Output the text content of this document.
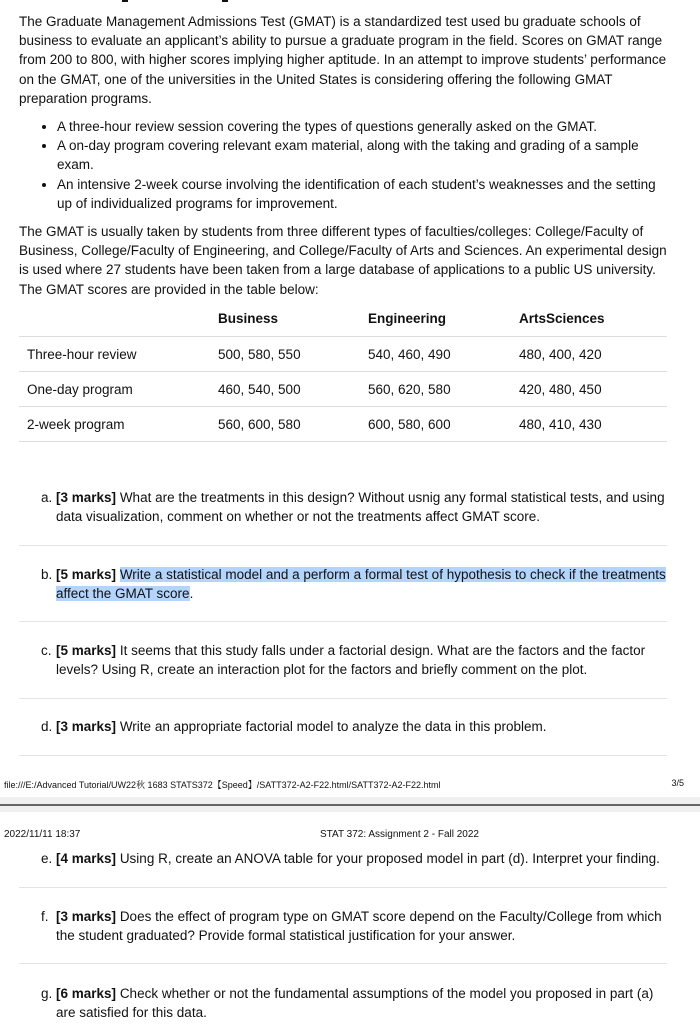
The Graduate Management Admissions Test (GMAT) is a standardized test used bu graduate schools of business to evaluate an applicant’s ability to pursue a graduate program in the field. Scores on GMAT range from 200 to 800, with higher scores implying higher aptitude. In an attempt to improve students’ performance on the GMAT, one of the universities in the United States is considering offering the following GMAT preparation programs.

• A three-hour review session covering the types of questions generally asked on the GMAT.
• A on-day program covering relevant exam material, along with the taking and grading of a sample exam.
• An intensive 2-week course involving the identification of each student’s weaknesses and the setting up of individualized programs for improvement.

The GMAT is usually taken by students from three different types of faculties/colleges: College/Faculty of Business, College/Faculty of Engineering, and College/Faculty of Arts and Sciences. An experimental design is used where 27 students have been taken from a large database of applications to a public US university. The GMAT scores are provided in the table below:

	Business	Engineering	ArtsSciences
Three-hour review	500, 580, 550	540, 460, 490	480, 400, 420
One-day program	460, 540, 500	560, 620, 580	420, 480, 450
2-week program	560, 600, 580	600, 580, 600	480, 410, 430
a. [3 marks] What are the treatments in this design? Without usnig any formal statistical tests, and using data visualization, comment on whether or not the treatments affect GMAT score.
b. [5 marks] Write a statistical model and a perform a formal test of hypothesis to check if the treatments affect the GMAT score.
c. [5 marks] It seems that this study falls under a factorial design. What are the factors and the factor levels? Using R, create an interaction plot for the factors and briefly comment on the plot.
d. [3 marks] Write an appropriate factorial model to analyze the data in this problem.
file:///E:/Advanced Tutorial/UW22秋 1683 STATS372【Speed】/SATT372-A2-F22.html/SATT372-A2-F22.html	3/5
2022/11/11 18:37	STAT 372: Assignment 2 - Fall 2022
e. [4 marks] Using R, create an ANOVA table for your proposed model in part (d). Interpret your finding.
f. [3 marks] Does the effect of program type on GMAT score depend on the Faculty/College from which the student graduated? Provide formal statistical justification for your answer.
g. [6 marks] Check whether or not the fundamental assumptions of the model you proposed in part (a) are satisfied for this data.
